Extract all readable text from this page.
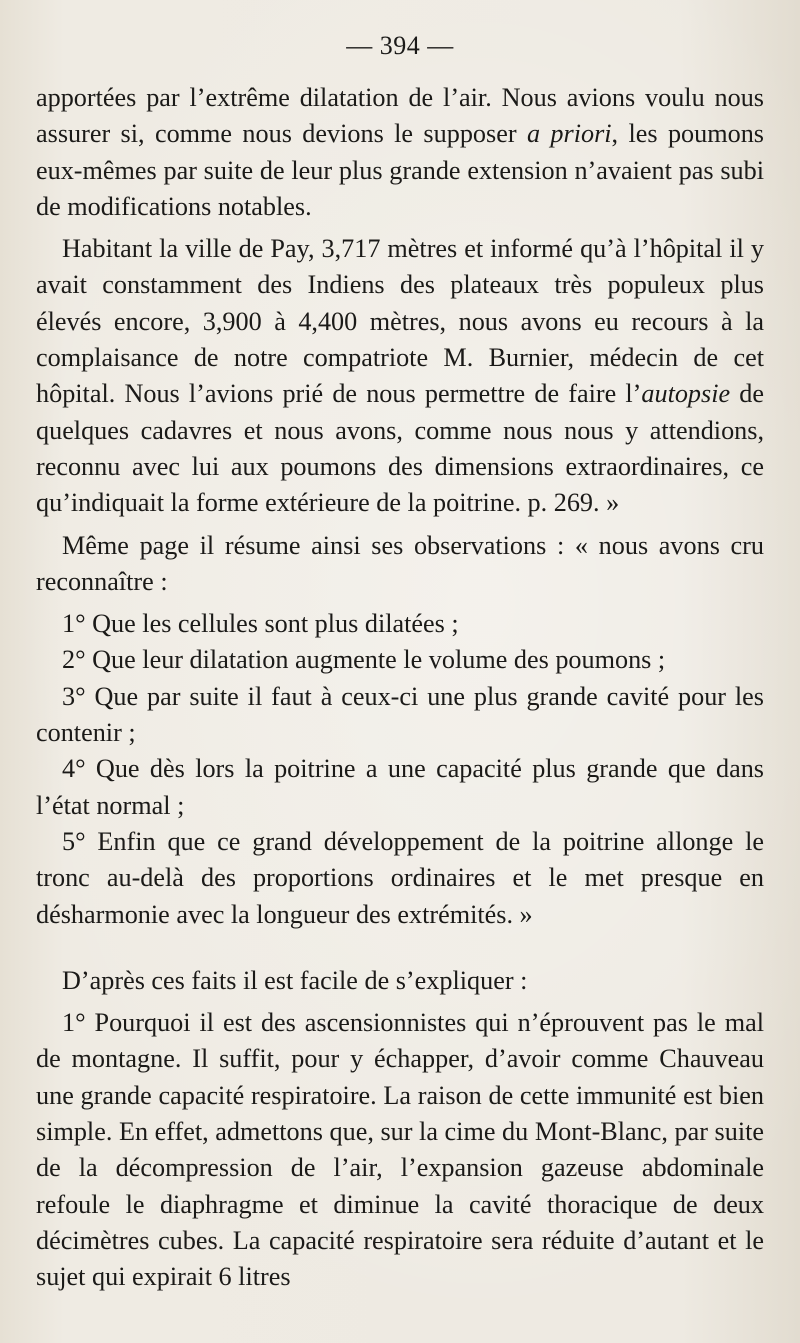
— 394 —

apportées par l’extrême dilatation de l’air. Nous avions voulu nous assurer si, comme nous devions le supposer a priori, les poumons eux-mêmes par suite de leur plus grande extension n’avaient pas subi de modifications notables.

Habitant la ville de Pay, 3,717 mètres et informé qu’à l’hôpital il y avait constamment des Indiens des plateaux très populeux plus élevés encore, 3,900 à 4,400 mètres, nous avons eu recours à la complaisance de notre compatriote M. Burnier, médecin de cet hôpital. Nous l’avions prié de nous permettre de faire l’autopsie de quelques cadavres et nous avons, comme nous nous y attendions, reconnu avec lui aux poumons des dimensions extraordinaires, ce qu’indiquait la forme extérieure de la poitrine. p. 269. »

Même page il résume ainsi ses observations : « nous avons cru reconnaître :

1° Que les cellules sont plus dilatées ;

2° Que leur dilatation augmente le volume des poumons ;

3° Que par suite il faut à ceux-ci une plus grande cavité pour les contenir ;

4° Que dès lors la poitrine a une capacité plus grande que dans l’état normal ;

5° Enfin que ce grand développement de la poitrine allonge le tronc au-delà des proportions ordinaires et le met presque en désharmonie avec la longueur des extrémités. »

D’après ces faits il est facile de s’expliquer :

1° Pourquoi il est des ascensionnistes qui n’éprouvent pas le mal de montagne. Il suffit, pour y échapper, d’avoir comme Chauveau une grande capacité respiratoire. La raison de cette immunité est bien simple. En effet, admettons que, sur la cime du Mont-Blanc, par suite de la décompression de l’air, l’expansion gazeuse abdominale refoule le diaphragme et diminue la cavité thoracique de deux décimètres cubes. La capacité respiratoire sera réduite d’autant et le sujet qui expirait 6 litres
